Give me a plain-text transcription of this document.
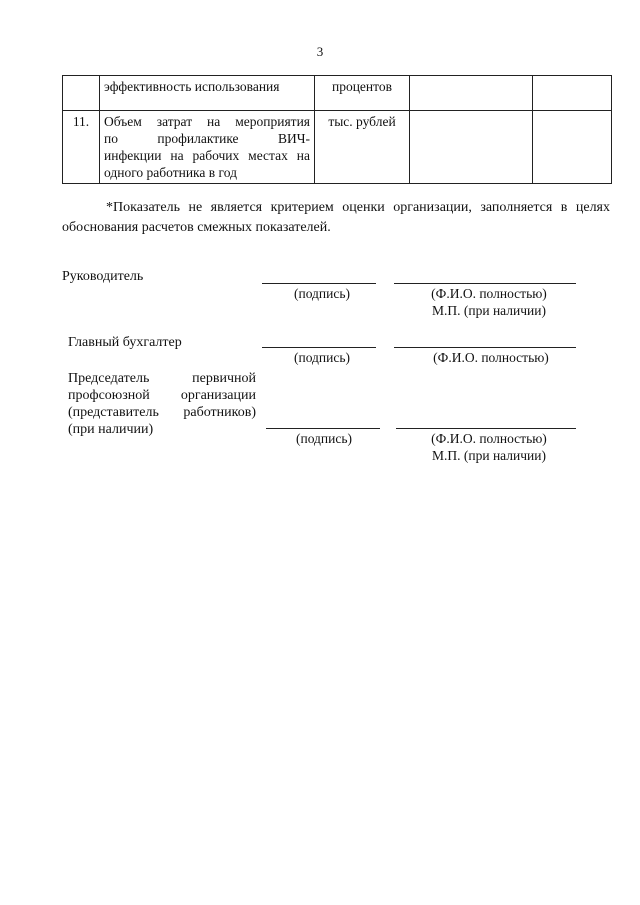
3

	эффективность использования	процентов		
11.	Объем затрат на мероприятия
по профилактике ВИЧ-
инфекции на рабочих местах на
одного работника в год	тыс. рублей		
*Показатель не является критерием оценки организации, заполняется в целях обоснования расчетов смежных показателей.
Руководитель
(подпись)	(Ф.И.О. полностью)
М.П. (при наличии)
Главный бухгалтер
(подпись)	(Ф.И.О. полностью)
Председатель первичной профсоюзной организации (представитель работников) (при наличии)
(подпись)	(Ф.И.О. полностью)
М.П. (при наличии)
